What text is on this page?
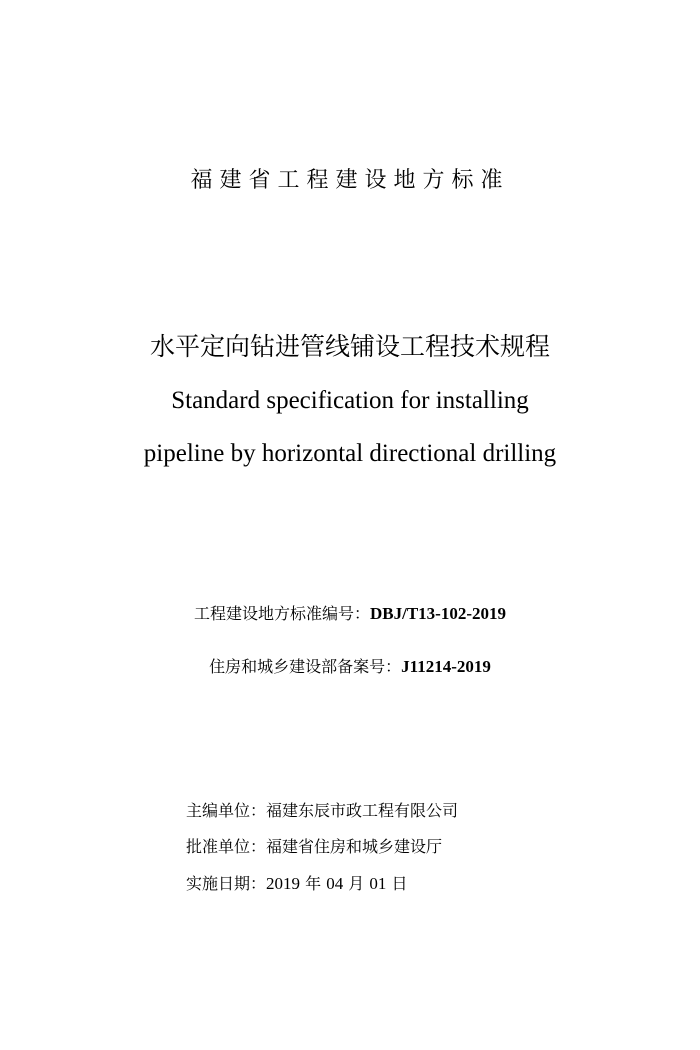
福建省工程建设地方标准
水平定向钻进管线铺设工程技术规程
Standard specification for installing
pipeline by horizontal directional drilling
工程建设地方标准编号：DBJ/T13-102-2019
住房和城乡建设部备案号：J11214-2019
主编单位：福建东辰市政工程有限公司
批准单位：福建省住房和城乡建设厅
实施日期：2019 年 04 月 01 日
